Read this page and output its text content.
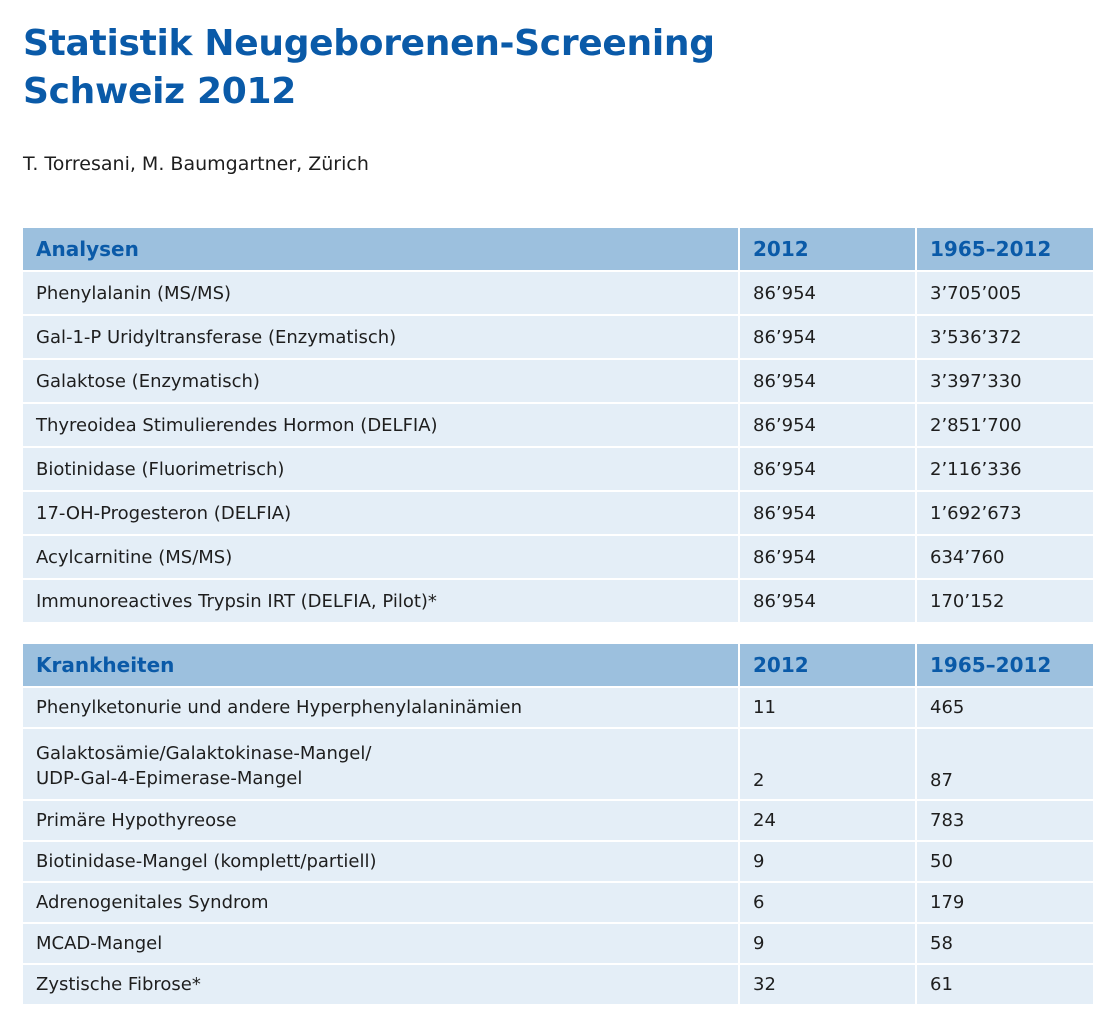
Statistik Neugeborenen-Screening
Schweiz 2012

T. Torresani, M. Baumgartner, Zürich

Analysen	2012	1965–2012
Phenylalanin (MS/MS)	86’954	3’705’005
Gal-1-P Uridyltransferase (Enzymatisch)	86’954	3’536’372
Galaktose (Enzymatisch)	86’954	3’397’330
Thyreoidea Stimulierendes Hormon (DELFIA)	86’954	2’851’700
Biotinidase (Fluorimetrisch)	86’954	2’116’336
17-OH-Progesteron (DELFIA)	86’954	1’692’673
Acylcarnitine (MS/MS)	86’954	634’760
Immunoreactives Trypsin IRT (DELFIA, Pilot)*	86’954	170’152
Krankheiten	2012	1965–2012
Phenylketonurie und andere Hyperphenylalaninämien	11	465

Galaktosämie/Galaktokinase-Mangel/
UDP-Gal-4-Epimerase-Mangel	2	87
Primäre Hypothyreose	24	783
Biotinidase-Mangel (komplett/partiell)	9	50
Adrenogenitales Syndrom	6	179
MCAD-Mangel	9	58
Zystische Fibrose*	32	61
